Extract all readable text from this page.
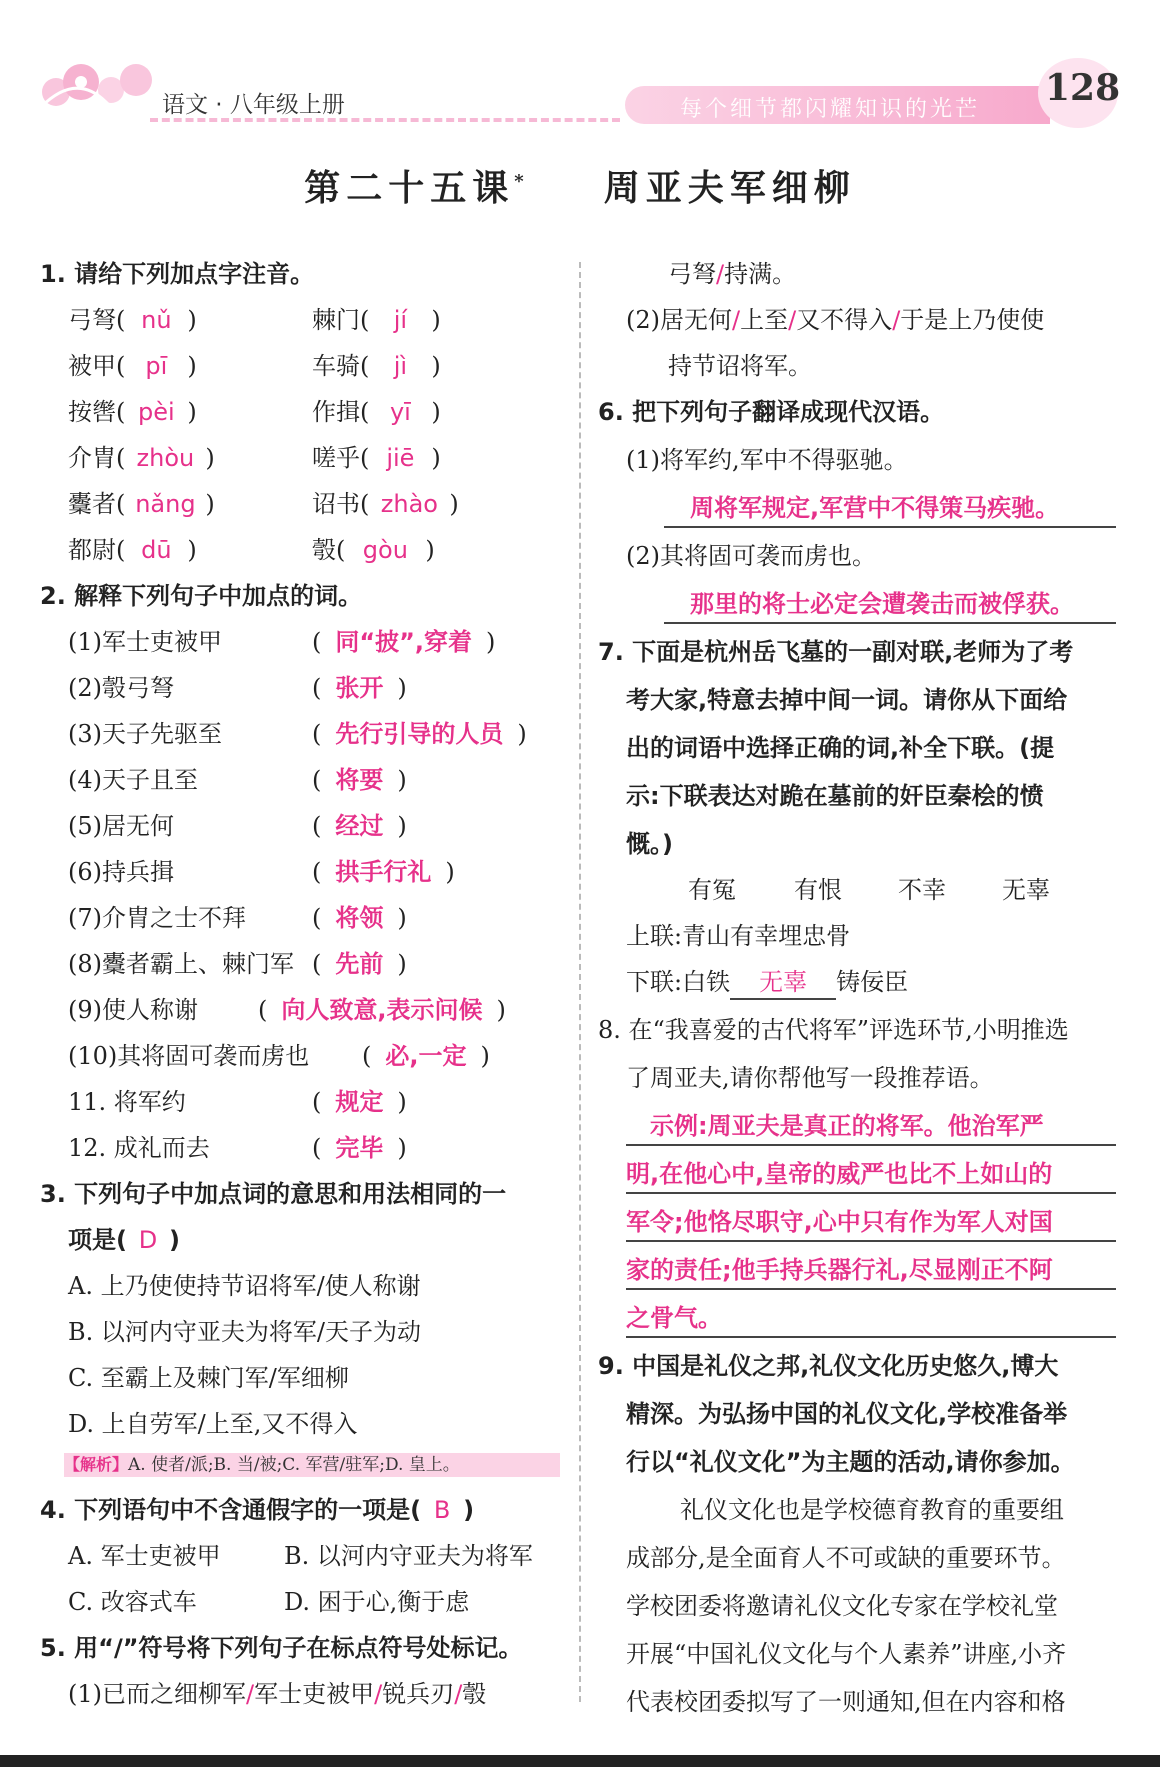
语文 · 八年级上册	每个细节都闪耀知识的光芒
128
第二十五课* 周亚夫军细柳
1. 请给下列加点字注音。
弓弩( nǔ )	棘门( jí )
被甲( pī )	车骑( jì )
按辔( pèi )	作揖( yī )
介胄( zhòu )	嗟乎( jiē )
櫜者( nǎng )	诏书( zhào )
都尉( dū )	彀( gòu )
2. 解释下列句子中加点的词。
(1)军士吏被甲	( 同“披”,穿着 )
(2)彀弓弩	( 张开 )
(3)天子先驱至	( 先行引导的人员 )
(4)天子且至	( 将要 )
(5)居无何	( 经过 )
(6)持兵揖	( 拱手行礼 )
(7)介胄之士不拜	( 将领 )
(8)櫜者霸上、棘门军 ( 先前 )
(9)使人称谢	( 向人致意,表示问候 )
(10)其将固可袭而虏也 ( 必,一定 )
11. 将军约	( 规定 )
12. 成礼而去	( 完毕 )
3. 下列句子中加点词的意思和用法相同的一
项是( D )
A. 上乃使使持节诏将军/使人称谢
B. 以河内守亚夫为将军/天子为动
C. 至霸上及棘门军/军细柳
D. 上自劳军/上至,又不得入
【解析】A. 使者/派;B. 当/被;C. 军营/驻军;D. 皇上。
4. 下列语句中不含通假字的一项是( B )
A. 军士吏被甲	B. 以河内守亚夫为将军
C. 改容式车	D. 困于心,衡于虑
5. 用“/”符号将下列句子在标点符号处标记。
(1)已而之细柳军/军士吏被甲/锐兵刃/彀
弓弩/持满。
(2)居无何/上至/又不得入/于是上乃使使
持节诏将军。
6. 把下列句子翻译成现代汉语。
(1)将军约,军中不得驱驰。
周将军规定,军营中不得策马疾驰。
(2)其将固可袭而虏也。
那里的将士必定会遭袭击而被俘获。
7. 下面是杭州岳飞墓的一副对联,老师为了考
考大家,特意去掉中间一词。请你从下面给
出的词语中选择正确的词,补全下联。(提
示:下联表达对跪在墓前的奸臣秦桧的愤
慨。)
有冤 有恨 不幸 无辜
上联:青山有幸埋忠骨
下联:白铁 无辜 铸佞臣
8. 在“我喜爱的古代将军”评选环节,小明推选
了周亚夫,请你帮他写一段推荐语。
示例:周亚夫是真正的将军。他治军严
明,在他心中,皇帝的威严也比不上如山的
军令;他恪尽职守,心中只有作为军人对国
家的责任;他手持兵器行礼,尽显刚正不阿
之骨气。
9. 中国是礼仪之邦,礼仪文化历史悠久,博大
精深。为弘扬中国的礼仪文化,学校准备举
行以“礼仪文化”为主题的活动,请你参加。
礼仪文化也是学校德育教育的重要组
成部分,是全面育人不可或缺的重要环节。
学校团委将邀请礼仪文化专家在学校礼堂
开展“中国礼仪文化与个人素养”讲座,小齐
代表校团委拟写了一则通知,但在内容和格
